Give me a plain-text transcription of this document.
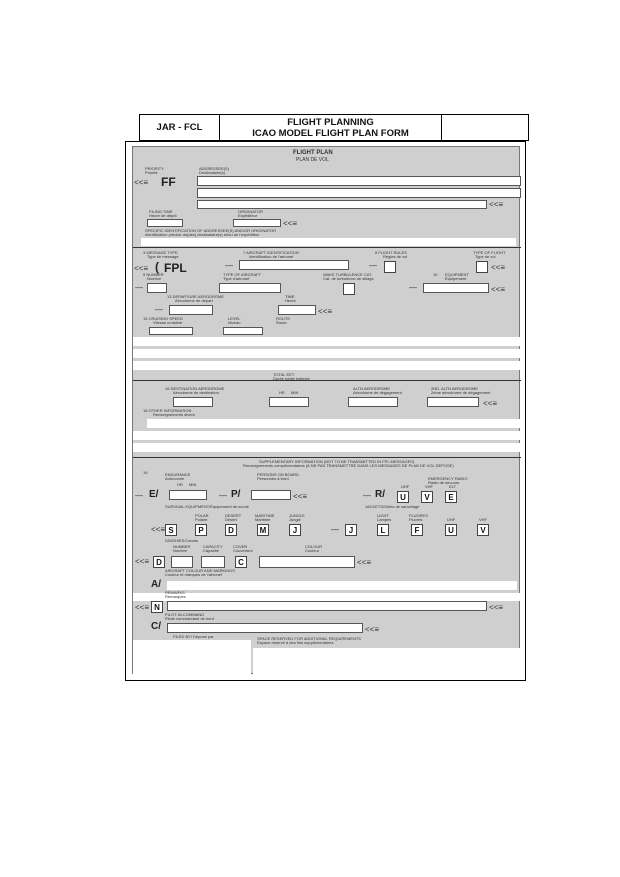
JAR - FCL	FLIGHT PLANNING
ICAO MODEL FLIGHT PLAN FORM
FLIGHT PLAN
PLAN DE VOL
PRIORITY
Priorité
<<≡ FF
ADDRESSEE(S)
Destinataire(s)
<<≡
FILING TIME
Heure de dépôt
ORIGINATOR
Expéditeur
<<≡
SPECIFIC IDENTIFICATION OF ADDRESSEE(S) AND/OR ORIGINATOR
Identification précise du(des) destinataire(s) et/ou de l'expéditeur
3 MESSAGE TYPE
Type de message
<<≡ ( FPL
7 AIRCRAFT IDENTIFICATION
Identification de l'aéronef
—
8 FLIGHT RULES
Règles de vol
—
TYPE OF FLIGHT
Type de vol
<<≡
9 NUMBER
Nombre
—
TYPE OF AIRCRAFT
Type d'aéronef
WAKE TURBULENCE CAT.
Cat. de turbulence de sillage
10 EQUIPMENT
Équipement
—	<<≡
13 DEPARTURE AERODROME
Aérodrome de départ
—
TIME
Heure
<<≡
15 CRUISING SPEED
Vitesse croisière
LEVEL
Niveau
ROUTE
Route
TOTAL EET
Durée totale estimée
HR MIN
16 DESTINATION AERODROME
Aérodrome de destination
ALTN AERODROME
Aérodrome de dégagement
2ND. ALTN AERODROME
2ème aérodrome de dégagement
<<≡
18 OTHER INFORMATION
Renseignements divers
SUPPLEMENTARY INFORMATION (NOT TO BE TRANSMITTED IN FPL MESSAGES)
Renseignements complémentaires (À NE PAS TRANSMETTRE DANS LES MESSAGES DE PLAN DE VOL DÉPOSÉ)
19	ENDURANCE
Autonomie
HR MIN
— E/
PERSONS ON BOARD
Personnes à bord
— P/	<<≡
EMERGENCY RADIO
Radio de secours
UHF	VHF	ELT
— R/	U	V	E
SURVIVAL EQUIPMENT/Équipement de survie	JACKETS/Gilets de sauvetage
POLAR
Polaire
DESERT
Désert
MARITIME
Maritime
JUNGLE
Jungle
<<≡ S	P	D	M	J
LIGHT
Lampes
FLUORES
Fluores	UHF	VHF
—	J	L	F	U	V
DINGHIES/Canots
NUMBER
Nombre
CAPACITY
Capacité
COVER
Couverture
COLOUR
Couleur
<<≡ D	C	<<≡
AIRCRAFT COLOUR AND MARKINGS
Couleur et marques de l'aéronef
A/
REMARKS
Remarques
<<≡ N	<<≡
PILOT-IN-COMMAND
Pilote commandant de bord
C/	<<≡
FILED BY/ Déposé par	SPACE RESERVED FOR ADDITIONAL REQUIREMENTS
Espace réservé à des fins supplémentaires
